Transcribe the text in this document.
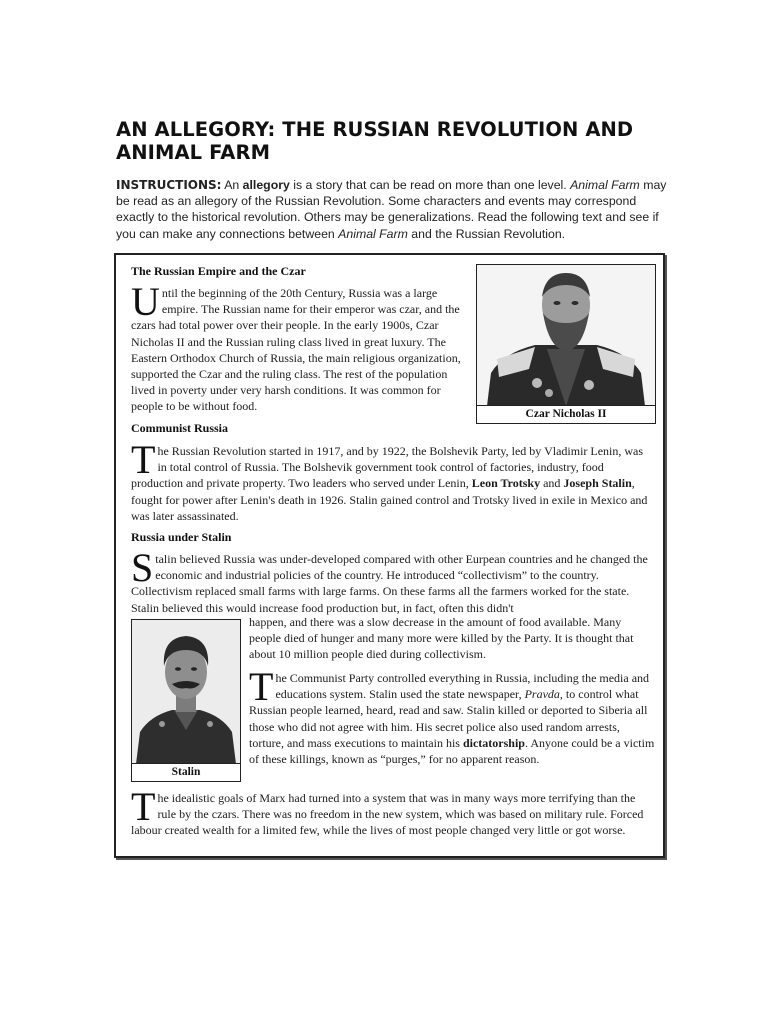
AN ALLEGORY: THE RUSSIAN REVOLUTION AND
ANIMAL FARM

INSTRUCTIONS: An allegory is a story that can be read on more than one level. Animal Farm may be read as an allegory of the Russian Revolution. Some characters and events may correspond exactly to the historical revolution. Others may be generalizations. Read the following text and see if you can make any connections between Animal Farm and the Russian Revolution.

The Russian Empire and the Czar

Until the beginning of the 20th Century, Russia was a large empire. The Russian name for their emperor was czar, and the czars had total power over their people. In the early 1900s, Czar Nicholas II and the Russian ruling class lived in great luxury. The Eastern Orthodox Church of Russia, the main religious organization, supported the Czar and the ruling class. The rest of the population lived in poverty under very harsh conditions. It was common for people to be without food.

Czar Nicholas II
Communist Russia

The Russian Revolution started in 1917, and by 1922, the Bolshevik Party, led by Vladimir Lenin, was in total control of Russia. The Bolshevik government took control of factories, industry, food production and private property. Two leaders who served under Lenin, Leon Trotsky and Joseph Stalin, fought for power after Lenin's death in 1926. Stalin gained control and Trotsky lived in exile in Mexico and was later assassinated.

Russia under Stalin

Stalin believed Russia was under-developed compared with other Eurpean countries and he changed the economic and industrial policies of the country. He introduced “collectivism” to the country. Collectivism replaced small farms with large farms. On these farms all the farmers worked for the state. Stalin believed this would increase food production but, in fact, often this didn't

Stalin

happen, and there was a slow decrease in the amount of food available. Many people died of hunger and many more were killed by the Party. It is thought that about 10 million people died during collectivism.

The Communist Party controlled everything in Russia, including the media and educations system. Stalin used the state newspaper, Pravda, to control what Russian people learned, heard, read and saw. Stalin killed or deported to Siberia all those who did not agree with him. His secret police also used random arrests, torture, and mass executions to maintain his dictatorship. Anyone could be a victim of these killings, known as “purges,” for no apparent reason.

The idealistic goals of Marx had turned into a system that was in many ways more terrifying than the rule by the czars. There was no freedom in the new system, which was based on military rule. Forced labour created wealth for a limited few, while the lives of most people changed very little or got worse.
